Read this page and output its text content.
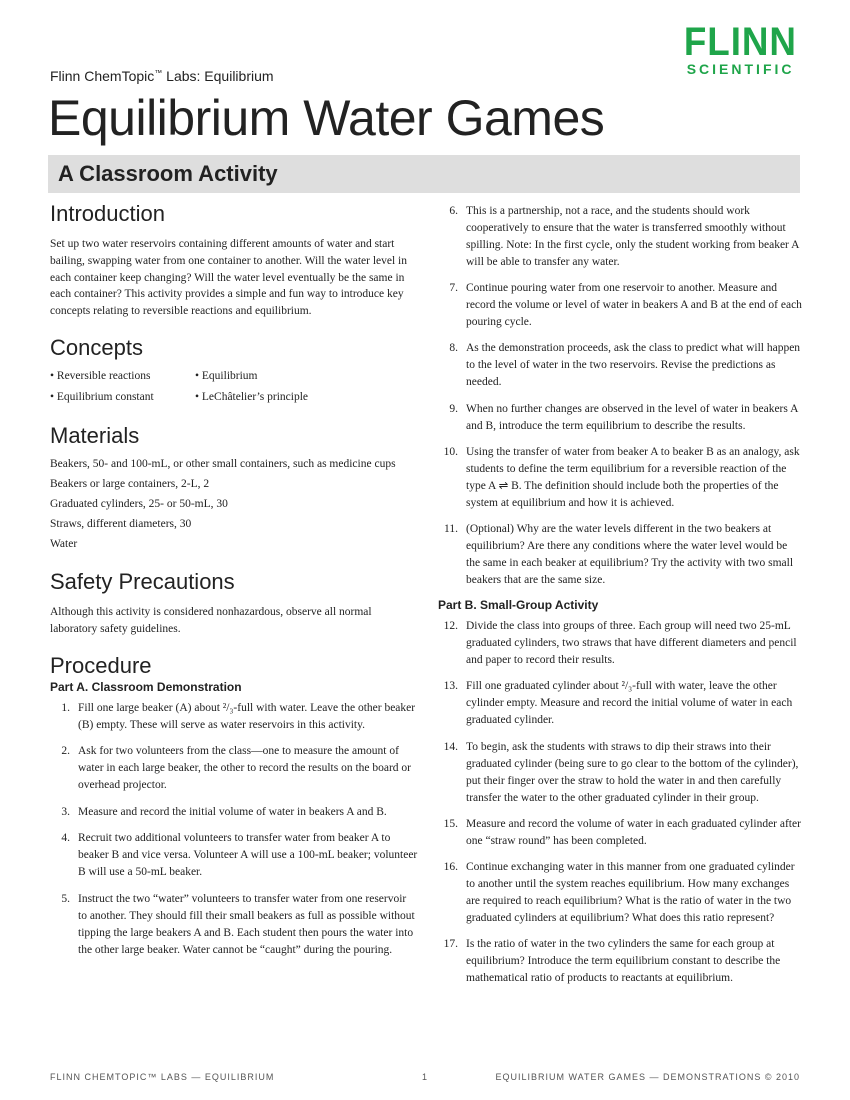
FLINN
SCIENTIFIC
Flinn ChemTopic™ Labs: Equilibrium
Equilibrium Water Games
A Classroom Activity
Introduction

Set up two water reservoirs containing different amounts of water and start bailing, swapping water from one container to another. Will the water level in each container keep changing? Will the water level eventually be the same in each container? This activity provides a simple and fun way to introduce key concepts relating to reversible reactions and equilibrium.

Concepts
• Reversible reactions	• Equilibrium
• Equilibrium constant	• LeChâtelier’s principle
Materials
Beakers, 50- and 100-mL, or other small containers, such as medicine cups
Beakers or large containers, 2-L, 2
Graduated cylinders, 25- or 50-mL, 30
Straws, different diameters, 30
Water
Safety Precautions

Although this activity is considered nonhazardous, observe all normal laboratory safety guidelines.

Procedure
Part A. Classroom Demonstration
1. Fill one large beaker (A) about ²/₃-full with water. Leave the other beaker (B) empty. These will serve as water reservoirs in this activity.
2. Ask for two volunteers from the class—one to measure the amount of water in each large beaker, the other to record the results on the board or overhead projector.
3. Measure and record the initial volume of water in beakers A and B.
4. Recruit two additional volunteers to transfer water from beaker A to beaker B and vice versa. Volunteer A will use a 100-mL beaker; volunteer B will use a 50-mL beaker.
5. Instruct the two “water” volunteers to transfer water from one reservoir to another. They should fill their small beakers as full as possible without tipping the large beakers A and B. Each student then pours the water into the other large beaker. Water cannot be “caught” during the pouring.
6. This is a partnership, not a race, and the students should work cooperatively to ensure that the water is transferred smoothly without spilling. Note: In the first cycle, only the student working from beaker A will be able to transfer any water.
7. Continue pouring water from one reservoir to another. Measure and record the volume or level of water in beakers A and B at the end of each pouring cycle.
8. As the demonstration proceeds, ask the class to predict what will happen to the level of water in the two reservoirs. Revise the predictions as needed.
9. When no further changes are observed in the level of water in beakers A and B, introduce the term equilibrium to describe the results.
10. Using the transfer of water from beaker A to beaker B as an analogy, ask students to define the term equilibrium for a reversible reaction of the type A ⇌ B. The definition should include both the properties of the system at equilibrium and how it is achieved.
11. (Optional) Why are the water levels different in the two beakers at equilibrium? Are there any conditions where the water level would be the same in each beaker at equilibrium? Try the activity with two small beakers that are the same size.
Part B. Small-Group Activity
12. Divide the class into groups of three. Each group will need two 25-mL graduated cylinders, two straws that have different diameters and pencil and paper to record their results.
13. Fill one graduated cylinder about ²/₃-full with water, leave the other cylinder empty. Measure and record the initial volume of water in each graduated cylinder.
14. To begin, ask the students with straws to dip their straws into their graduated cylinder (being sure to go clear to the bottom of the cylinder), put their finger over the straw to hold the water in and then carefully transfer the water to the other graduated cylinder in their group.
15. Measure and record the volume of water in each graduated cylinder after one “straw round” has been completed.
16. Continue exchanging water in this manner from one graduated cylinder to another until the system reaches equilibrium. How many exchanges are required to reach equilibrium? What is the ratio of water in the two graduated cylinders at equilibrium? What does this ratio represent?
17. Is the ratio of water in the two cylinders the same for each group at equilibrium? Introduce the term equilibrium constant to describe the mathematical ratio of products to reactants at equilibrium.
FLINN CHEMTOPIC™ LABS — EQUILIBRIUM	1	EQUILIBRIUM WATER GAMES — DEMONSTRATIONS © 2010
